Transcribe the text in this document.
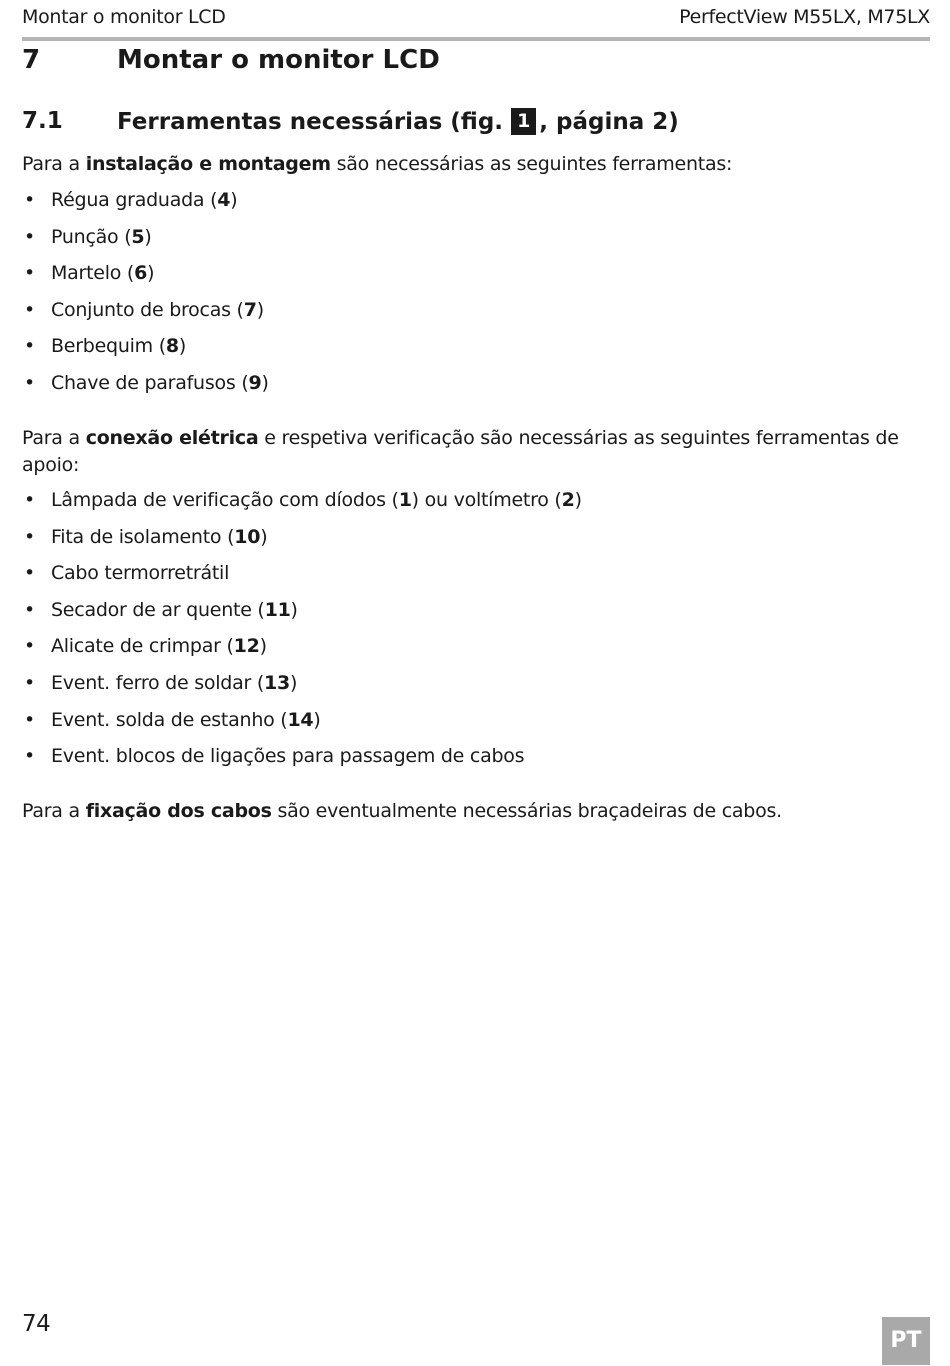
Montar o monitor LCD	PerfectView M55LX, M75LX
7	Montar o monitor LCD
7.1	Ferramentas necessárias (fig. 1 , página 2)

Para a instalação e montagem são necessárias as seguintes ferramentas:

• Régua graduada (4)
• Punção (5)
• Martelo (6)
• Conjunto de brocas (7)
• Berbequim (8)
• Chave de parafusos (9)

Para a conexão elétrica e respetiva verificação são necessárias as seguintes ferramentas de apoio:

• Lâmpada de verificação com díodos (1) ou voltímetro (2)
• Fita de isolamento (10)
• Cabo termorretrátil
• Secador de ar quente (11)
• Alicate de crimpar (12)
• Event. ferro de soldar (13)
• Event. solda de estanho (14)
• Event. blocos de ligações para passagem de cabos

Para a fixação dos cabos são eventualmente necessárias braçadeiras de cabos.

74
PT
